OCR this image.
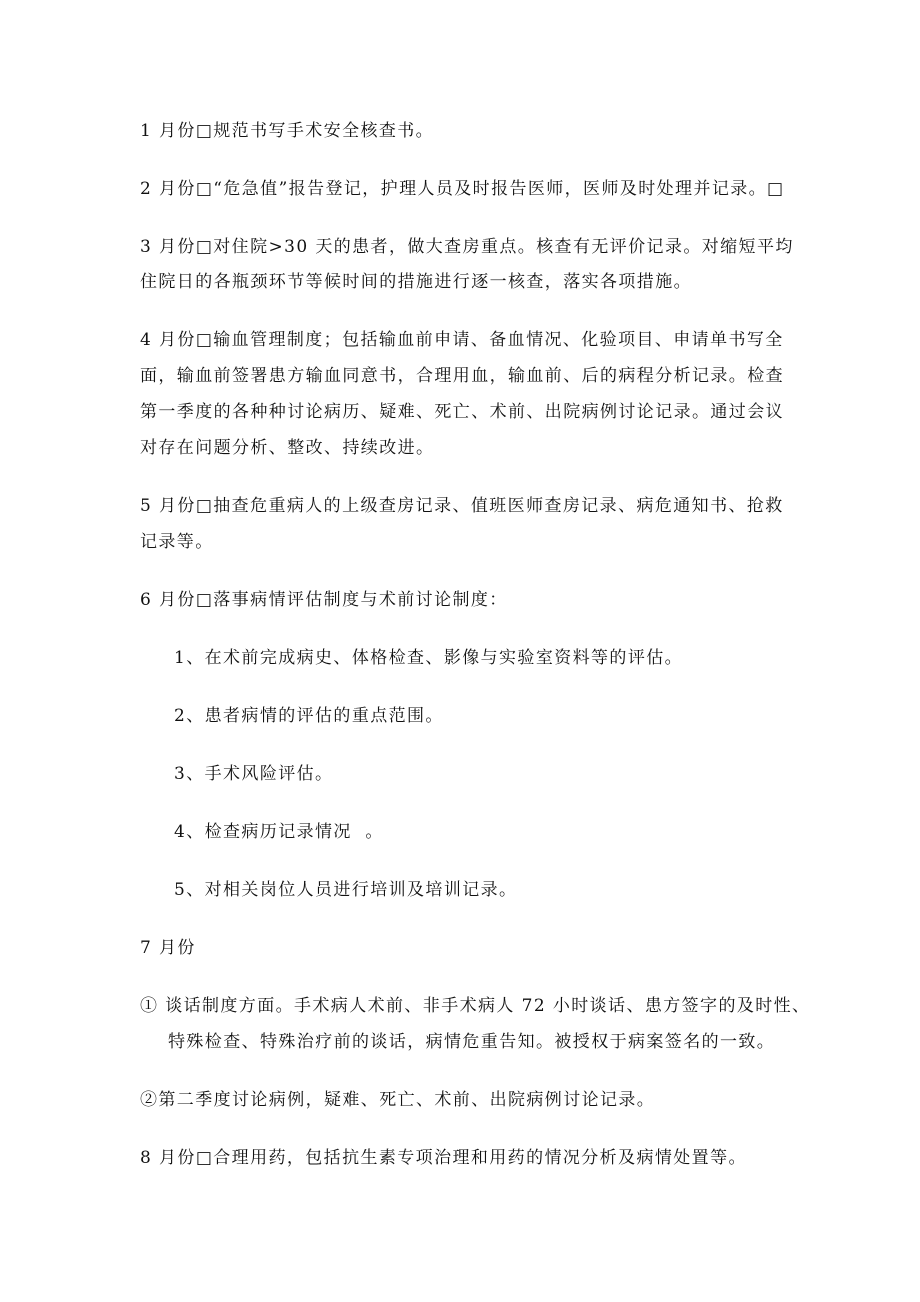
1 月份□规范书写手术安全核查书。
2 月份□“危急值”报告登记，护理人员及时报告医师，医师及时处理并记录。□
3 月份□对住院>30 天的患者，做大查房重点。核查有无评价记录。对缩短平均
住院日的各瓶颈环节等候时间的措施进行逐一核查，落实各项措施。
4 月份□输血管理制度；包括输血前申请、备血情况、化验项目、申请单书写全
面，输血前签署患方输血同意书，合理用血，输血前、后的病程分析记录。检查
第一季度的各种种讨论病历、疑难、死亡、术前、出院病例讨论记录。通过会议
对存在问题分析、整改、持续改进。
5 月份□抽查危重病人的上级查房记录、值班医师查房记录、病危通知书、抢救
记录等。
6 月份□落事病情评估制度与术前讨论制度：
1、在术前完成病史、体格检查、影像与实验室资料等的评估。
2、患者病情的评估的重点范围。
3、手术风险评估。
4、检查病历记录情况  。
5、对相关岗位人员进行培训及培训记录。
7 月份
① 谈话制度方面。手术病人术前、非手术病人 72 小时谈话、患方签字的及时性、
特殊检查、特殊治疗前的谈话，病情危重告知。被授权于病案签名的一致。
②第二季度讨论病例，疑难、死亡、术前、出院病例讨论记录。
8 月份□合理用药，包括抗生素专项治理和用药的情况分析及病情处置等。
